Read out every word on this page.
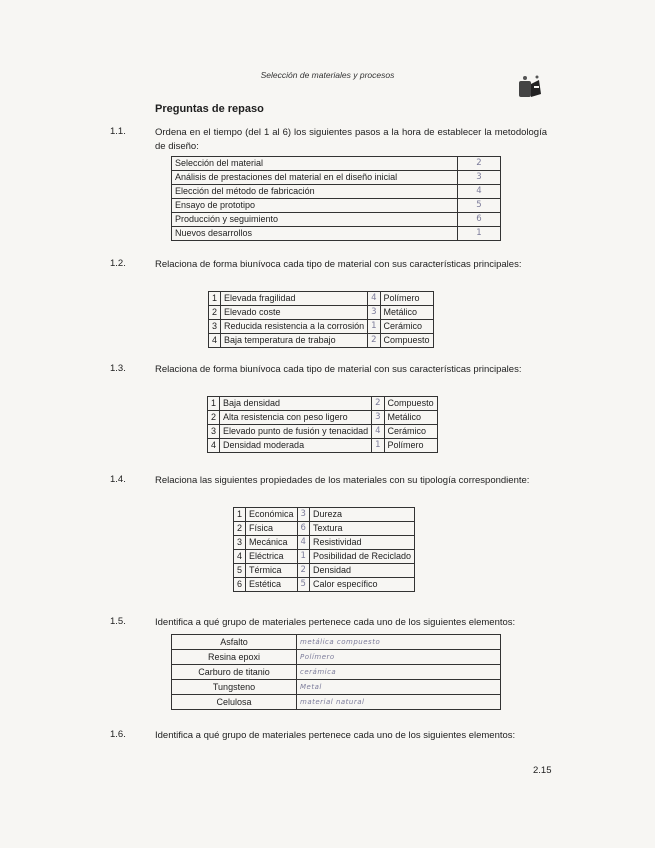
Selección de materiales y procesos
Preguntas de repaso
1.1.	Ordena en el tiempo (del 1 al 6) los siguientes pasos a la hora de establecer la metodología de diseño:
Selección del material	2
Análisis de prestaciones del material en el diseño inicial	3
Elección del método de fabricación	4
Ensayo de prototipo	5
Producción y seguimiento	6
Nuevos desarrollos	1
1.2.	Relaciona de forma biunívoca cada tipo de material con sus características principales:
1	Elevada fragilidad	4	Polímero
2	Elevado coste	3	Metálico
3	Reducida resistencia a la corrosión	1	Cerámico
4	Baja temperatura de trabajo	2	Compuesto
1.3.	Relaciona de forma biunívoca cada tipo de material con sus características principales:
1	Baja densidad	2	Compuesto
2	Alta resistencia con peso ligero	3	Metálico
3	Elevado punto de fusión y tenacidad	4	Cerámico
4	Densidad moderada	1	Polímero
1.4.	Relaciona las siguientes propiedades de los materiales con su tipología correspondiente:
1	Económica	3	Dureza
2	Física	6	Textura
3	Mecánica	4	Resistividad
4	Eléctrica	1	Posibilidad de Reciclado
5	Térmica	2	Densidad
6	Estética	5	Calor específico
1.5.	Identifica a qué grupo de materiales pertenece cada uno de los siguientes elementos:
Asfalto	metálica compuesto
Resina epoxi	Polímero
Carburo de titanio	cerámica
Tungsteno	Metal
Celulosa	material natural
1.6.	Identifica a qué grupo de materiales pertenece cada uno de los siguientes elementos:
2.15
